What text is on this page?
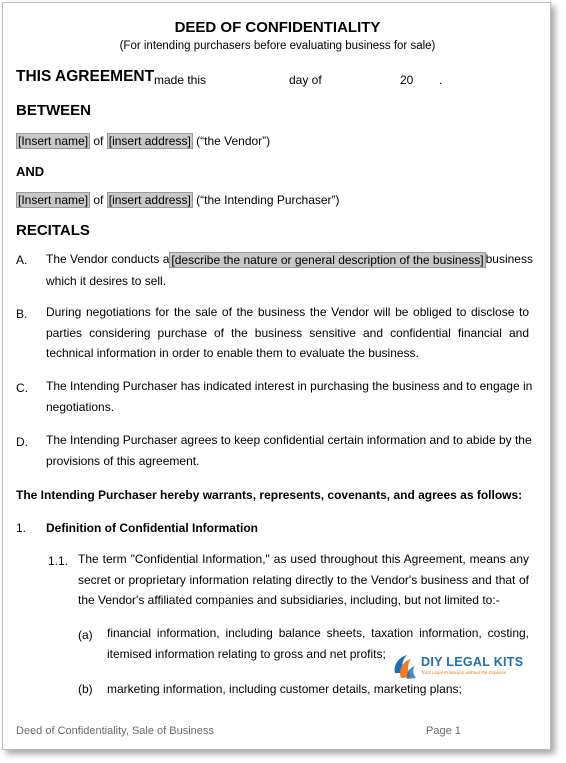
DEED OF CONFIDENTIALITY
(For intending purchasers before evaluating business for sale)
THIS AGREEMENT made this	day of	20 .
BETWEEN
[Insert name] of [insert address] (“the Vendor”)
AND
[Insert name] of [insert address] (“the Intending Purchaser”)
RECITALS
A. The Vendor conducts a [describe the nature or general description of the business] business
which it desires to sell.
B. During negotiations for the sale of the business the Vendor will be obliged to disclose to
parties considering purchase of the business sensitive and confidential financial and
technical information in order to enable them to evaluate the business.
C. The Intending Purchaser has indicated interest in purchasing the business and to engage in
negotiations.
D. The Intending Purchaser agrees to keep confidential certain information and to abide by the
provisions of this agreement.
The Intending Purchaser hereby warrants, represents, covenants, and agrees as follows:
1. Definition of Confidential Information
1.1. The term "Confidential Information," as used throughout this Agreement, means any
secret or proprietary information relating directly to the Vendor's business and that of
the Vendor's affiliated companies and subsidiaries, including, but not limited to:-
(a) financial information, including balance sheets, taxation information, costing,
itemised information relating to gross and net profits;
(b) marketing information, including customer details, marketing plans;
DIY LEGAL KITS
Total Legal Protection without the Expense
Deed of Confidentiality, Sale of Business	Page 1
